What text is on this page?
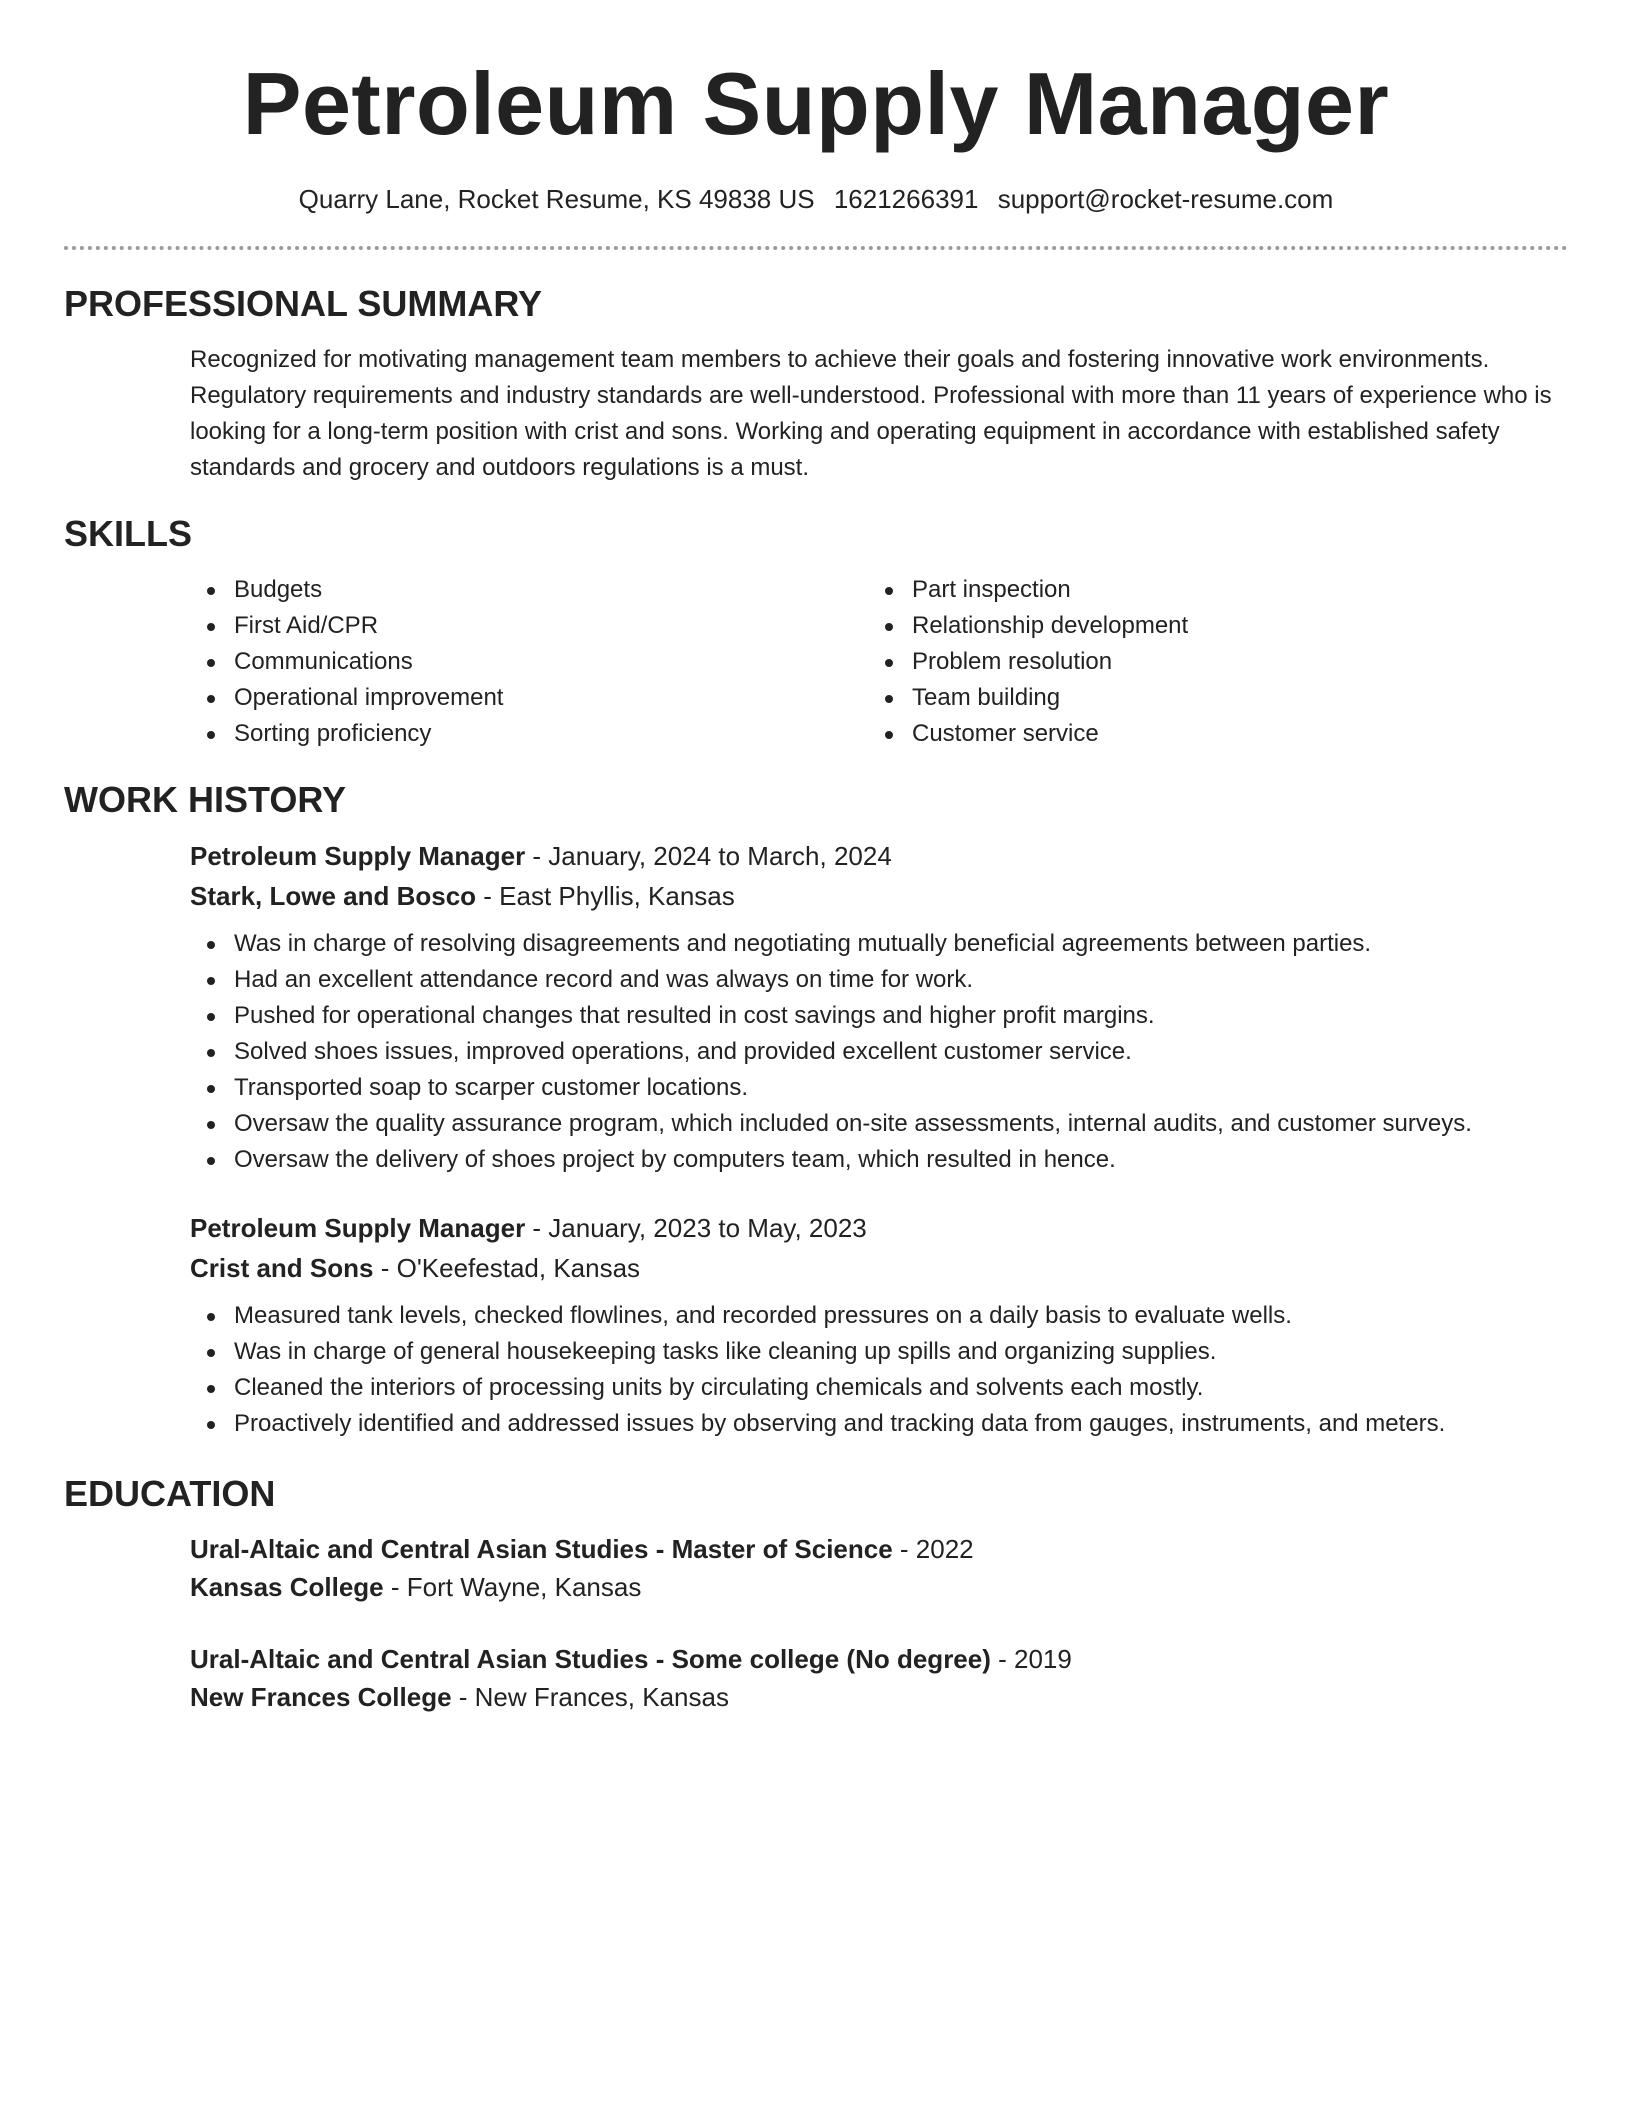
Petroleum Supply Manager
Quarry Lane, Rocket Resume, KS 49838 US 1621266391 support@rocket-resume.com
PROFESSIONAL SUMMARY

Recognized for motivating management team members to achieve their goals and fostering innovative work environments. Regulatory requirements and industry standards are well-understood. Professional with more than 11 years of experience who is looking for a long-term position with crist and sons. Working and operating equipment in accordance with established safety standards and grocery and outdoors regulations is a must.

SKILLS
Budgets
First Aid/CPR
Communications
Operational improvement
Sorting proficiency
Part inspection
Relationship development
Problem resolution
Team building
Customer service
WORK HISTORY
Petroleum Supply Manager - January, 2024 to March, 2024
Stark, Lowe and Bosco - East Phyllis, Kansas
Was in charge of resolving disagreements and negotiating mutually beneficial agreements between parties.
Had an excellent attendance record and was always on time for work.
Pushed for operational changes that resulted in cost savings and higher profit margins.
Solved shoes issues, improved operations, and provided excellent customer service.
Transported soap to scarper customer locations.
Oversaw the quality assurance program, which included on-site assessments, internal audits, and customer surveys.
Oversaw the delivery of shoes project by computers team, which resulted in hence.
Petroleum Supply Manager - January, 2023 to May, 2023
Crist and Sons - O'Keefestad, Kansas
Measured tank levels, checked flowlines, and recorded pressures on a daily basis to evaluate wells.
Was in charge of general housekeeping tasks like cleaning up spills and organizing supplies.
Cleaned the interiors of processing units by circulating chemicals and solvents each mostly.
Proactively identified and addressed issues by observing and tracking data from gauges, instruments, and meters.
EDUCATION
Ural-Altaic and Central Asian Studies - Master of Science - 2022
Kansas College - Fort Wayne, Kansas
Ural-Altaic and Central Asian Studies - Some college (No degree) - 2019
New Frances College - New Frances, Kansas
